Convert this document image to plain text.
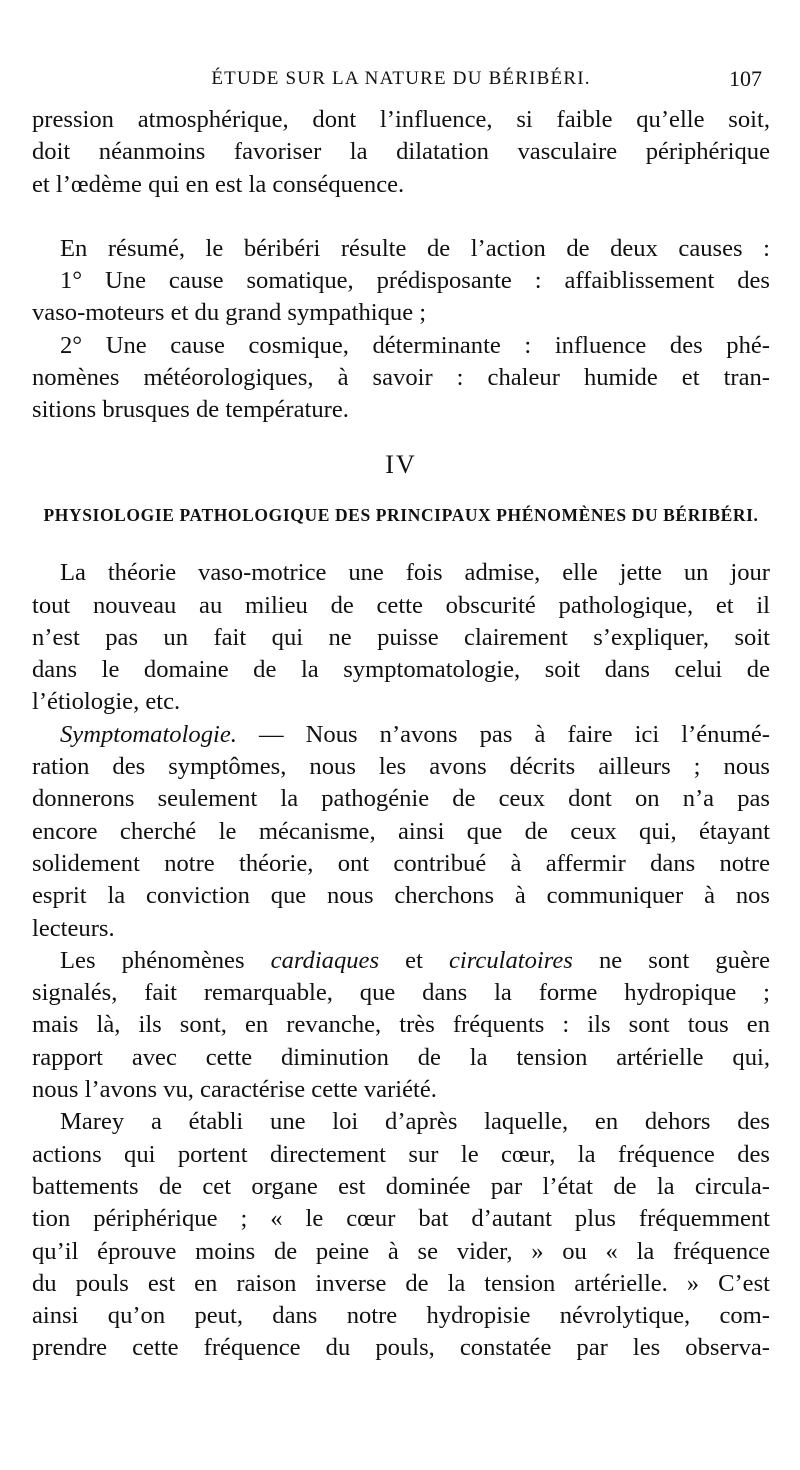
ÉTUDE SUR LA NATURE DU BÉRIBÉRI.	107

pression atmosphérique, dont l’influence, si faible qu’elle soit,

doit néanmoins favoriser la dilatation vasculaire périphérique

et l’œdème qui en est la conséquence.

En résumé, le béribéri résulte de l’action de deux causes :

1° Une cause somatique, prédisposante : affaiblissement des

vaso-moteurs et du grand sympathique ;

2° Une cause cosmique, déterminante : influence des phé-

nomènes météorologiques, à savoir : chaleur humide et tran-

sitions brusques de température.

IV
PHYSIOLOGIE PATHOLOGIQUE DES PRINCIPAUX PHÉNOMÈNES DU BÉRIBÉRI.

La théorie vaso-motrice une fois admise, elle jette un jour

tout nouveau au milieu de cette obscurité pathologique, et il

n’est pas un fait qui ne puisse clairement s’expliquer, soit

dans le domaine de la symptomatologie, soit dans celui de

l’étiologie, etc.

Symptomatologie. — Nous n’avons pas à faire ici l’énumé-

ration des symptômes, nous les avons décrits ailleurs ; nous

donnerons seulement la pathogénie de ceux dont on n’a pas

encore cherché le mécanisme, ainsi que de ceux qui, étayant

solidement notre théorie, ont contribué à affermir dans notre

esprit la conviction que nous cherchons à communiquer à nos

lecteurs.

Les phénomènes cardiaques et circulatoires ne sont guère

signalés, fait remarquable, que dans la forme hydropique ;

mais là, ils sont, en revanche, très fréquents : ils sont tous en

rapport avec cette diminution de la tension artérielle qui,

nous l’avons vu, caractérise cette variété.

Marey a établi une loi d’après laquelle, en dehors des

actions qui portent directement sur le cœur, la fréquence des

battements de cet organe est dominée par l’état de la circula-

tion périphérique ; « le cœur bat d’autant plus fréquemment

qu’il éprouve moins de peine à se vider, » ou « la fréquence

du pouls est en raison inverse de la tension artérielle. » C’est

ainsi qu’on peut, dans notre hydropisie névrolytique, com-

prendre cette fréquence du pouls, constatée par les observa-
